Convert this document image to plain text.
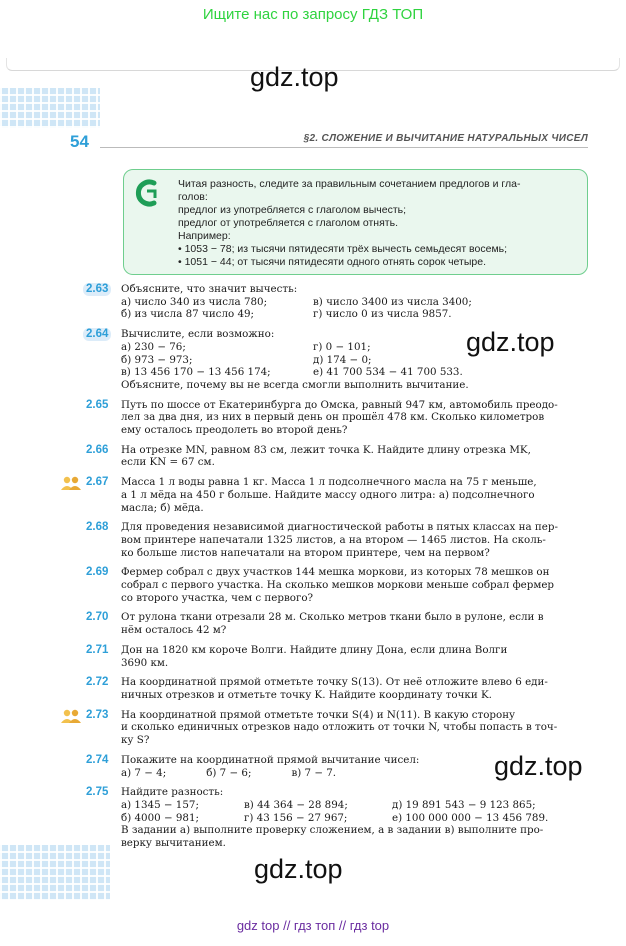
Ищите нас по запросу ГДЗ ТОП
gdz.top
gdz.top
gdz.top
gdz.top
54	§2. СЛОЖЕНИЕ И ВЫЧИТАНИЕ НАТУРАЛЬНЫХ ЧИСЕЛ

Читая разность, следите за правильным сочетанием предлогов и гла-

голов:

предлог из употребляется с глаголом вычесть;

предлог от употребляется с глаголом отнять.

Например:

• 1053 − 78; из тысячи пятидесяти трёх вычесть семьдесят восемь;

• 1051 − 44; от тысячи пятидесяти одного отнять сорок четыре.

2.63 Объясните, что значит вычесть:

а) число 340 из числа 780;	в) число 3400 из числа 3400;
б) из числа 87 число 49;	г) число 0 из числа 9857.
2.64 Вычислите, если возможно:

а) 230 − 76;	г) 0 − 101;
б) 973 − 973;	д) 174 − 0;
в) 13 456 170 − 13 456 174;	е) 41 700 534 − 41 700 533.

Объясните, почему вы не всегда смогли выполнить вычитание.

2.65 Путь по шоссе от Екатеринбурга до Омска, равный 947 км, автомобиль преодо-

лел за два дня, из них в первый день он прошёл 478 км. Сколько километров

ему осталось преодолеть во второй день?

2.66 На отрезке MN, равном 83 см, лежит точка K. Найдите длину отрезка MK,

если KN = 67 см.

2.67 Масса 1 л воды равна 1 кг. Масса 1 л подсолнечного масла на 75 г меньше,

а 1 л мёда на 450 г больше. Найдите массу одного литра: а) подсолнечного

масла; б) мёда.

2.68 Для проведения независимой диагностической работы в пятых классах на пер-

вом принтере напечатали 1325 листов, а на втором — 1465 листов. На сколь-

ко больше листов напечатали на втором принтере, чем на первом?

2.69 Фермер собрал с двух участков 144 мешка моркови, из которых 78 мешков он

собрал с первого участка. На сколько мешков моркови меньше собрал фермер

со второго участка, чем с первого?

2.70 От рулона ткани отрезали 28 м. Сколько метров ткани было в рулоне, если в

нём осталось 42 м?

2.71 Дон на 1820 км короче Волги. Найдите длину Дона, если длина Волги

3690 км.

2.72 На координатной прямой отметьте точку S(13). От неё отложите влево 6 еди-

ничных отрезков и отметьте точку K. Найдите координату точки K.

2.73 На координатной прямой отметьте точки S(4) и N(11). В какую сторону

и сколько единичных отрезков надо отложить от точки N, чтобы попасть в точ-

ку S?

2.74 Покажите на координатной прямой вычитание чисел:

а) 7 − 4;	б) 7 − 6;	в) 7 − 7.
2.75 Найдите разность:

а) 1345 − 157;	в) 44 364 − 28 894;	д) 19 891 543 − 9 123 865;
б) 4000 − 981;	г) 43 156 − 27 967;	е) 100 000 000 − 13 456 789.

В задании а) выполните проверку сложением, а в задании в) выполните про-

верку вычитанием.

gdz top // гдз топ // гдз top
